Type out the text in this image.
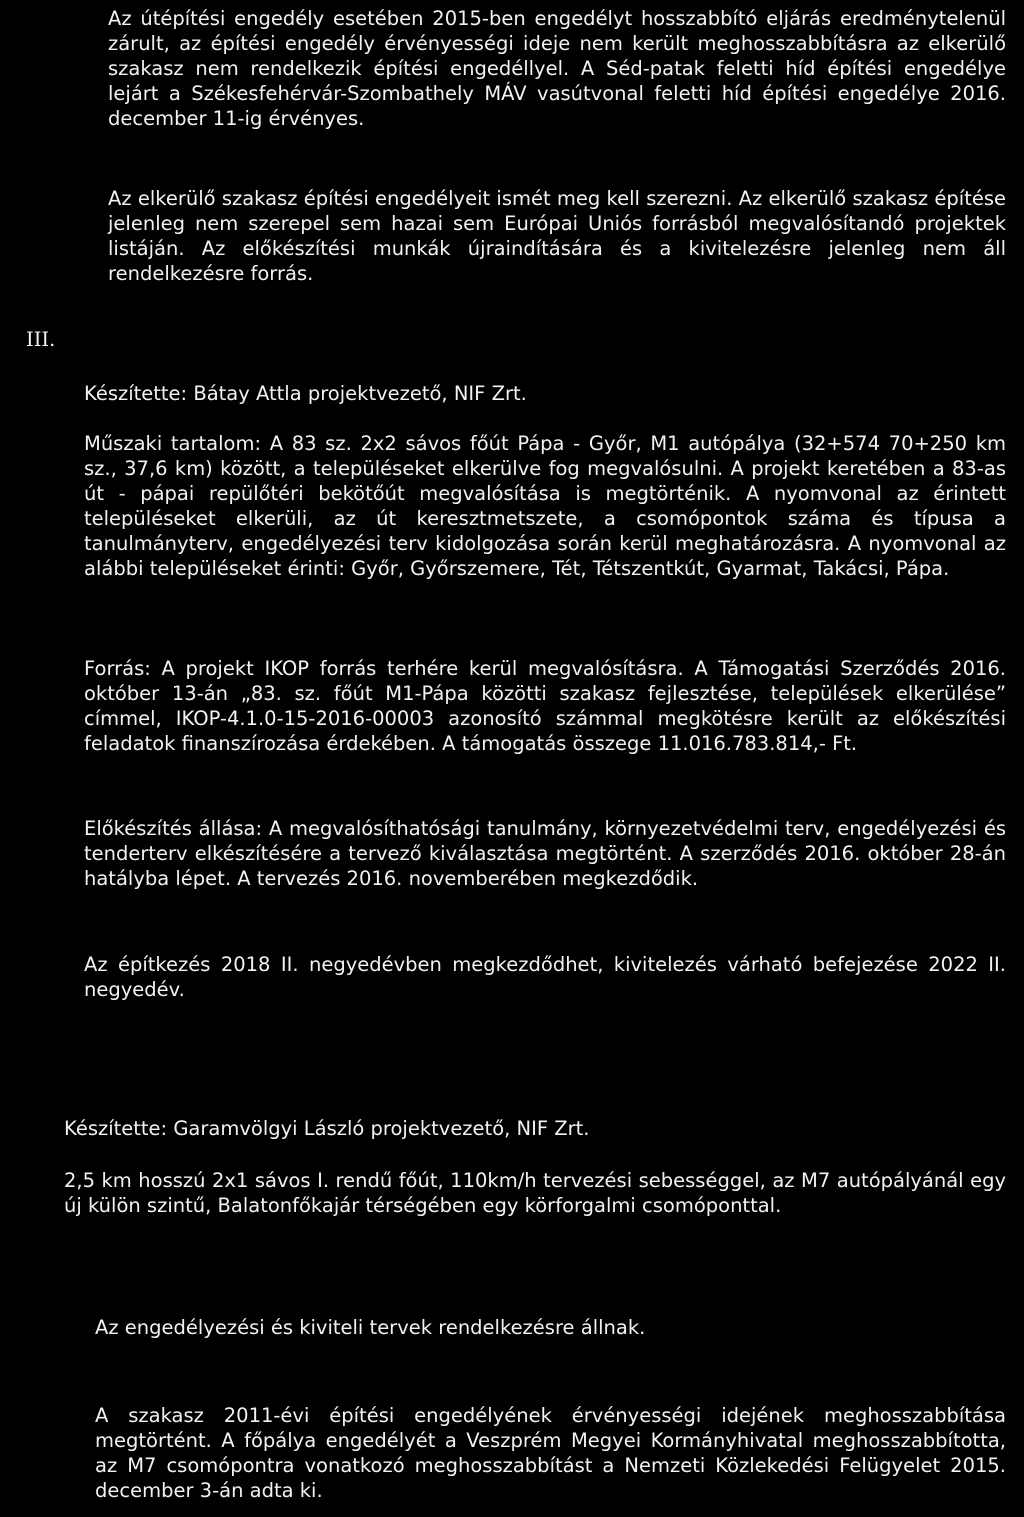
Az útépítési engedély esetében 2015-ben engedélyt hosszabbító eljárás eredménytelenül zárult, az építési engedély érvényességi ideje nem került meghosszabbításra az elkerülő szakasz nem rendelkezik építési engedéllyel. A Séd-patak feletti híd építési engedélye lejárt a Székesfehérvár-Szombathely MÁV vasútvonal feletti híd építési engedélye 2016. december 11-ig érvényes.

Az elkerülő szakasz építési engedélyeit ismét meg kell szerezni. Az elkerülő szakasz építése jelenleg nem szerepel sem hazai sem Európai Uniós forrásból megvalósítandó projektek listáján. Az előkészítési munkák újraindítására és a kivitelezésre jelenleg nem áll rendelkezésre forrás.

III.

Készítette: Bátay Attla projektvezető, NIF Zrt.

Műszaki tartalom: A 83 sz. 2x2 sávos főút Pápa - Győr, M1 autópálya (32+574 70+250 km sz., 37,6 km) között, a településeket elkerülve fog megvalósulni. A projekt keretében a 83-as út - pápai repülőtéri bekötőút megvalósítása is megtörténik. A nyomvonal az érintett településeket elkerüli, az út keresztmetszete, a csomópontok száma és típusa a tanulmányterv, engedélyezési terv kidolgozása során kerül meghatározásra. A nyomvonal az alábbi településeket érinti: Győr, Győrszemere, Tét, Tétszentkút, Gyarmat, Takácsi, Pápa.

Forrás: A projekt IKOP forrás terhére kerül megvalósításra. A Támogatási Szerződés 2016. október 13-án „83. sz. főút M1-Pápa közötti szakasz fejlesztése, települések elkerülése” címmel, IKOP-4.1.0-15-2016-00003 azonosító számmal megkötésre került az előkészítési feladatok finanszírozása érdekében. A támogatás összege 11.016.783.814,- Ft.

Előkészítés állása: A megvalósíthatósági tanulmány, környezetvédelmi terv, engedélyezési és tenderterv elkészítésére a tervező kiválasztása megtörtént. A szerződés 2016. október 28-án hatályba lépet. A tervezés 2016. novemberében megkezdődik.

Az építkezés 2018 II. negyedévben megkezdődhet, kivitelezés várható befejezése 2022 II. negyedév.

Készítette: Garamvölgyi László projektvezető, NIF Zrt.

2,5 km hosszú 2x1 sávos I. rendű főút, 110km/h tervezési sebességgel, az M7 autópályánál egy új külön szintű, Balatonfőkajár térségében egy körforgalmi csomóponttal.

Az engedélyezési és kiviteli tervek rendelkezésre állnak.

A szakasz 2011-évi építési engedélyének érvényességi idejének meghosszabbítása megtörtént. A főpálya engedélyét a Veszprém Megyei Kormányhivatal meghosszabbította, az M7 csomópontra vonatkozó meghosszabbítást a Nemzeti Közlekedési Felügyelet 2015. december 3-án adta ki.
